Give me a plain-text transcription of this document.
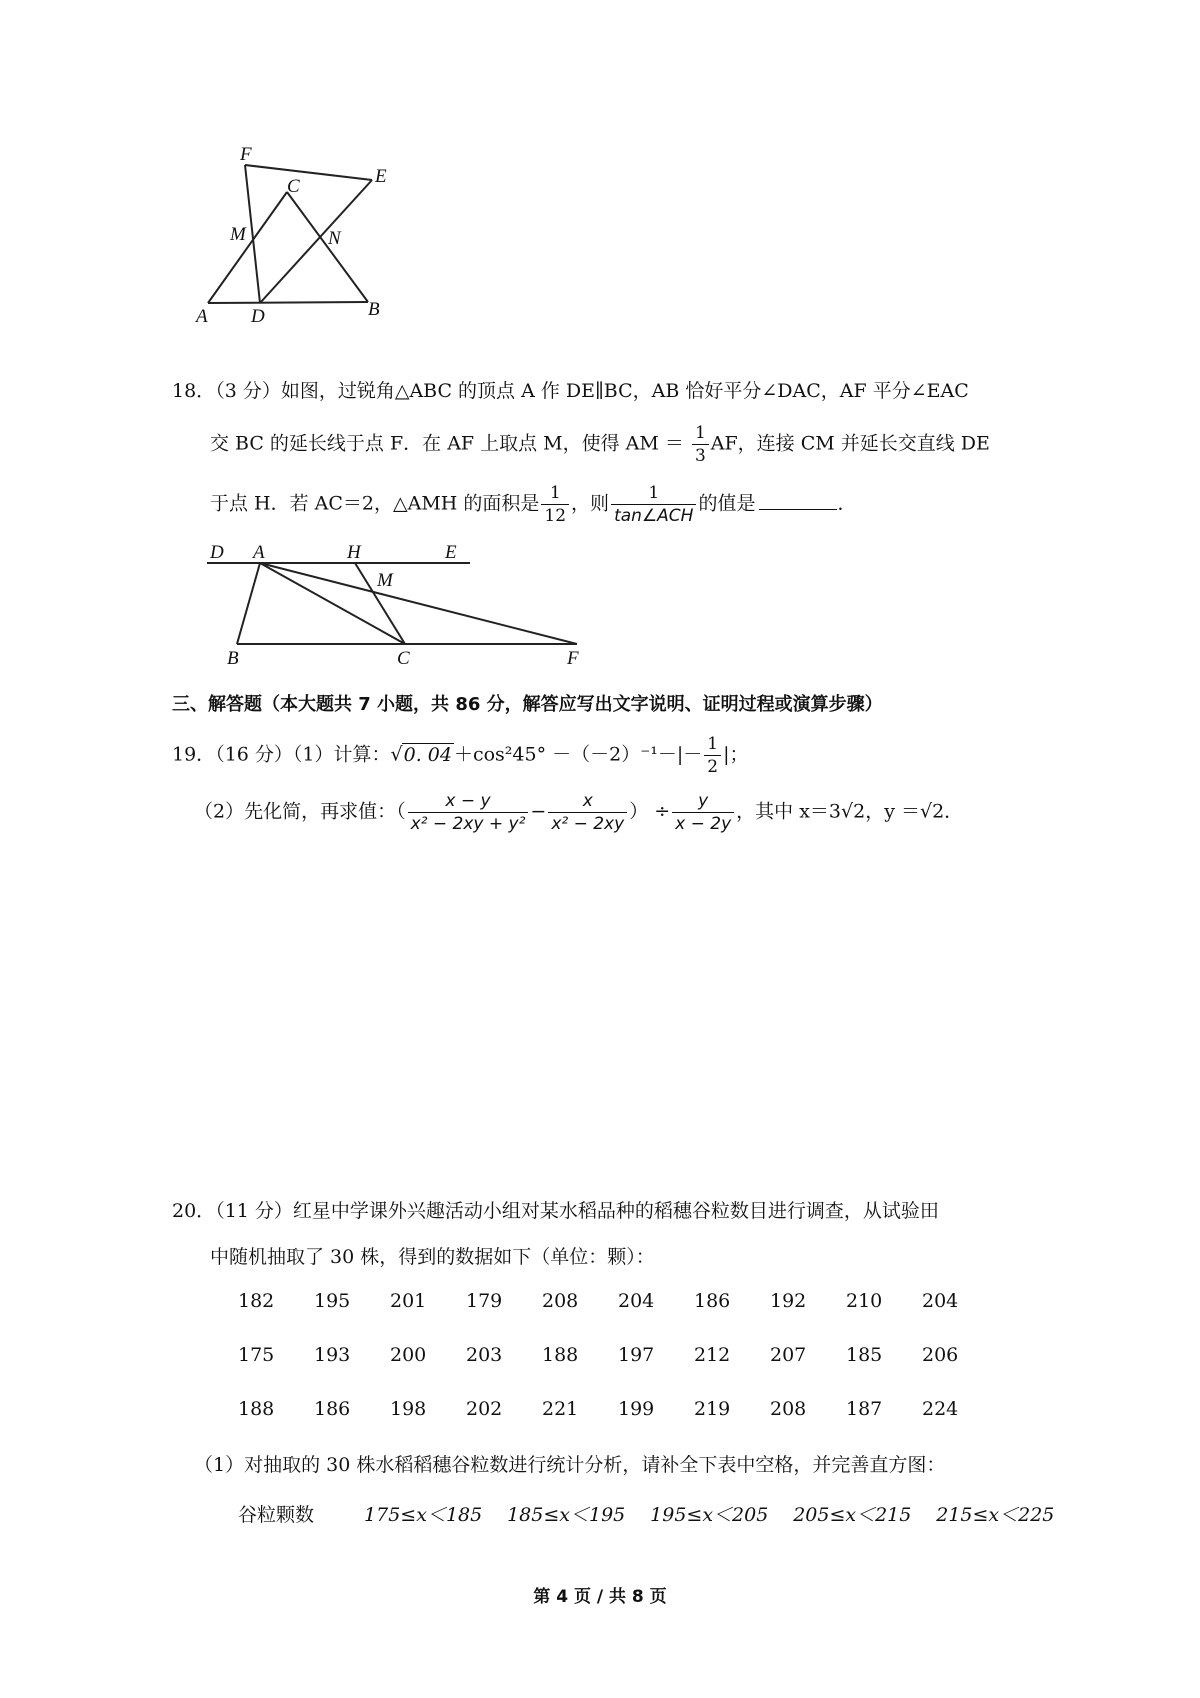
F
E
C
M	N
A D	B
18．（3 分）如图，过锐角△ABC 的顶点 A 作 DE∥BC，AB 恰好平分∠DAC，AF 平分∠EAC
交 BC 的延长线于点 F．在 AF 上取点 M，使得 AM ＝ $\frac{1}{3}$ AF，连接 CM 并延长交直线 DE
于点 H．若 AC＝2，△AMH 的面积是 $\frac{1}{12}$ ，则 $\frac{1}{\text{tan∠ACH}}$ 的值是	．
D A	H	E
M
B	C	F
三、解答题（本大题共 7 小题，共 86 分，解答应写出文字说明、证明过程或演算步骤）
19．（16 分）（1）计算：√0. $04 +\cos^245^\circ -(-2)^{-1}-|- \frac{1}{2}$ |；
（2）先化简，再求值：（ $\frac{x - y}{\text{x² − 2xy + y²}} - \frac{x}{\text{x² − 2xy}}$ ） ÷ $\frac{y}{x - 2y}$ ，其中 x＝3√2，y ＝√2．
20．（11 分）红星中学课外兴趣活动小组对某水稻品种的稻穗谷粒数目进行调查，从试验田
中随机抽取了 30 株，得到的数据如下（单位：颗）：
182	195	201	179	208	204	186	192	210	204
175	193	200	203	188	197	212	207	185	206
188	186	198	202	221	199	219	208	187	224
（1）对抽取的 30 株水稻稻穗谷粒数进行统计分析，请补全下表中空格，并完善直方图：
谷粒颗数	175≤x＜185 185≤x＜195 195≤x＜205 205≤x＜215 215≤x＜225
第 4 页 / 共 8 页
